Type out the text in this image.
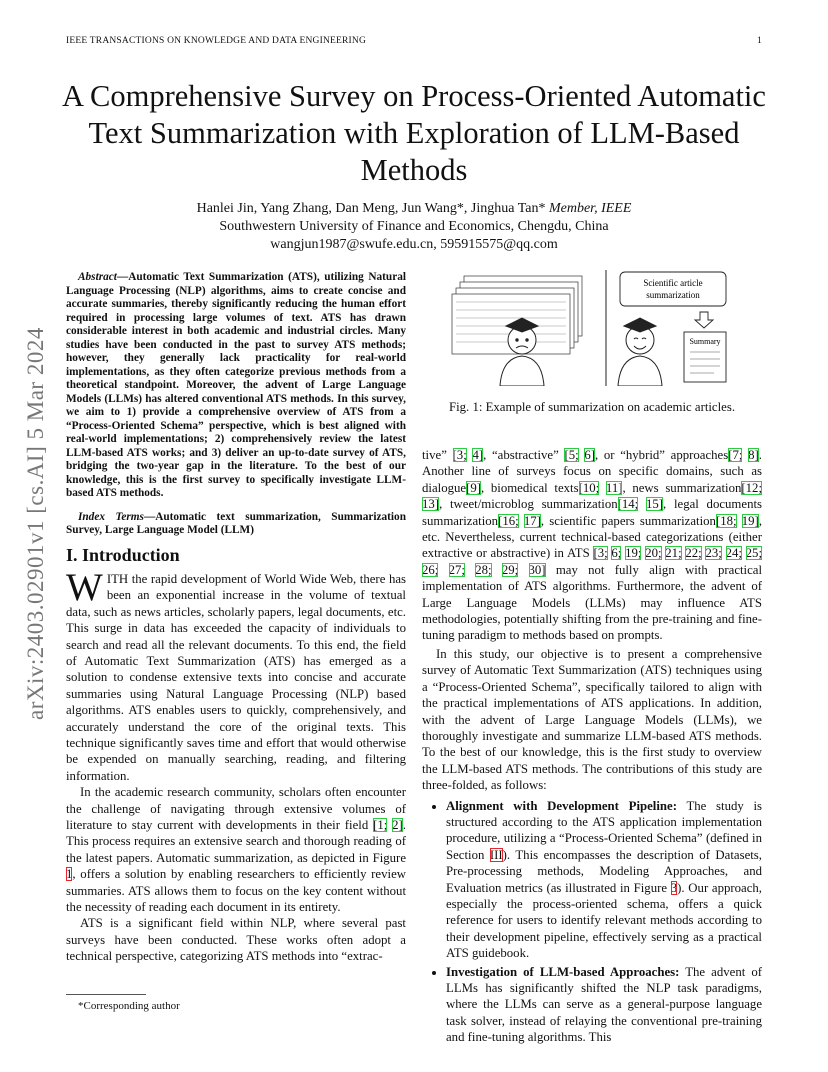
IEEE TRANSACTIONS ON KNOWLEDGE AND DATA ENGINEERING	1
A Comprehensive Survey on Process-Oriented Automatic Text Summarization with Exploration of LLM-Based Methods
Hanlei Jin, Yang Zhang, Dan Meng, Jun Wang*, Jinghua Tan* Member, IEEE
Southwestern University of Finance and Economics, Chengdu, China
wangjun1987@swufe.edu.cn, 595915575@qq.com
arXiv:2403.02901v1 [cs.AI] 5 Mar 2024

Abstract—Automatic Text Summarization (ATS), utilizing Natural Language Processing (NLP) algorithms, aims to create concise and accurate summaries, thereby significantly reducing the human effort required in processing large volumes of text. ATS has drawn considerable interest in both academic and industrial circles. Many studies have been conducted in the past to survey ATS methods; however, they generally lack practicality for real-world implementations, as they often categorize previous methods from a theoretical standpoint. Moreover, the advent of Large Language Models (LLMs) has altered conventional ATS methods. In this survey, we aim to 1) provide a comprehensive overview of ATS from a “Process-Oriented Schema” perspective, which is best aligned with real-world implementations; 2) comprehensively review the latest LLM-based ATS works; and 3) deliver an up-to-date survey of ATS, bridging the two-year gap in the literature. To the best of our knowledge, this is the first survey to specifically investigate LLM-based ATS methods.

Index Terms—Automatic text summarization, Summarization Survey, Large Language Model (LLM)

I. Introduction

WITH the rapid development of World Wide Web, there has been an exponential increase in the volume of textual data, such as news articles, scholarly papers, legal documents, etc. This surge in data has exceeded the capacity of individuals to search and read all the relevant documents. To this end, the field of Automatic Text Summarization (ATS) has emerged as a solution to condense extensive texts into concise and accurate summaries using Natural Language Processing (NLP) based algorithms. ATS enables users to quickly, comprehensively, and accurately understand the core of the original texts. This technique significantly saves time and effort that would otherwise be expended on manually searching, reading, and filtering information.

In the academic research community, scholars often encounter the challenge of navigating through extensive volumes of literature to stay current with developments in their field [1; 2]. This process requires an extensive search and thorough reading of the latest papers. Automatic summarization, as depicted in Figure 1, offers a solution by enabling researchers to efficiently review summaries. ATS allows them to focus on the key content without the necessity of reading each document in its entirety.

ATS is a significant field within NLP, where several past surveys have been conducted. These works often adopt a technical perspective, categorizing ATS methods into “extrac-

*Corresponding author
Scientific article
summarization
Summary
Fig. 1: Example of summarization on academic articles.

tive” [3; 4], “abstractive” [5; 6], or “hybrid” approaches[7; 8]. Another line of surveys focus on specific domains, such as dialogue[9], biomedical texts[10; 11], news summarization[12; 13], tweet/microblog summarization[14; 15], legal documents summarization[16; 17], scientific papers summarization[18; 19], etc. Nevertheless, current technical-based categorizations (either extractive or abstractive) in ATS [3; 6; 19; 20; 21; 22; 23; 24; 25; 26; 27; 28; 29; 30] may not fully align with practical implementation of ATS algorithms. Furthermore, the advent of Large Language Models (LLMs) may influence ATS methodologies, potentially shifting from the pre-training and fine-tuning paradigm to methods based on prompts.

In this study, our objective is to present a comprehensive survey of Automatic Text Summarization (ATS) techniques using a “Process-Oriented Schema”, specifically tailored to align with the practical implementations of ATS applications. In addition, with the advent of Large Language Models (LLMs), we thoroughly investigate and summarize LLM-based ATS methods. To the best of our knowledge, this is the first study to overview the LLM-based ATS methods. The contributions of this study are three-folded, as follows:

• Alignment with Development Pipeline: The study is structured according to the ATS application implementation procedure, utilizing a “Process-Oriented Schema” (defined in Section III). This encompasses the description of Datasets, Pre-processing methods, Modeling Approaches, and Evaluation metrics (as illustrated in Figure 3). Our approach, especially the process-oriented schema, offers a quick reference for users to identify relevant methods according to their development pipeline, effectively serving as a practical ATS guidebook.
• Investigation of LLM-based Approaches: The advent of LLMs has significantly shifted the NLP task paradigms, where the LLMs can serve as a general-purpose language task solver, instead of relaying the conventional pre-training and fine-tuning algorithms. This
